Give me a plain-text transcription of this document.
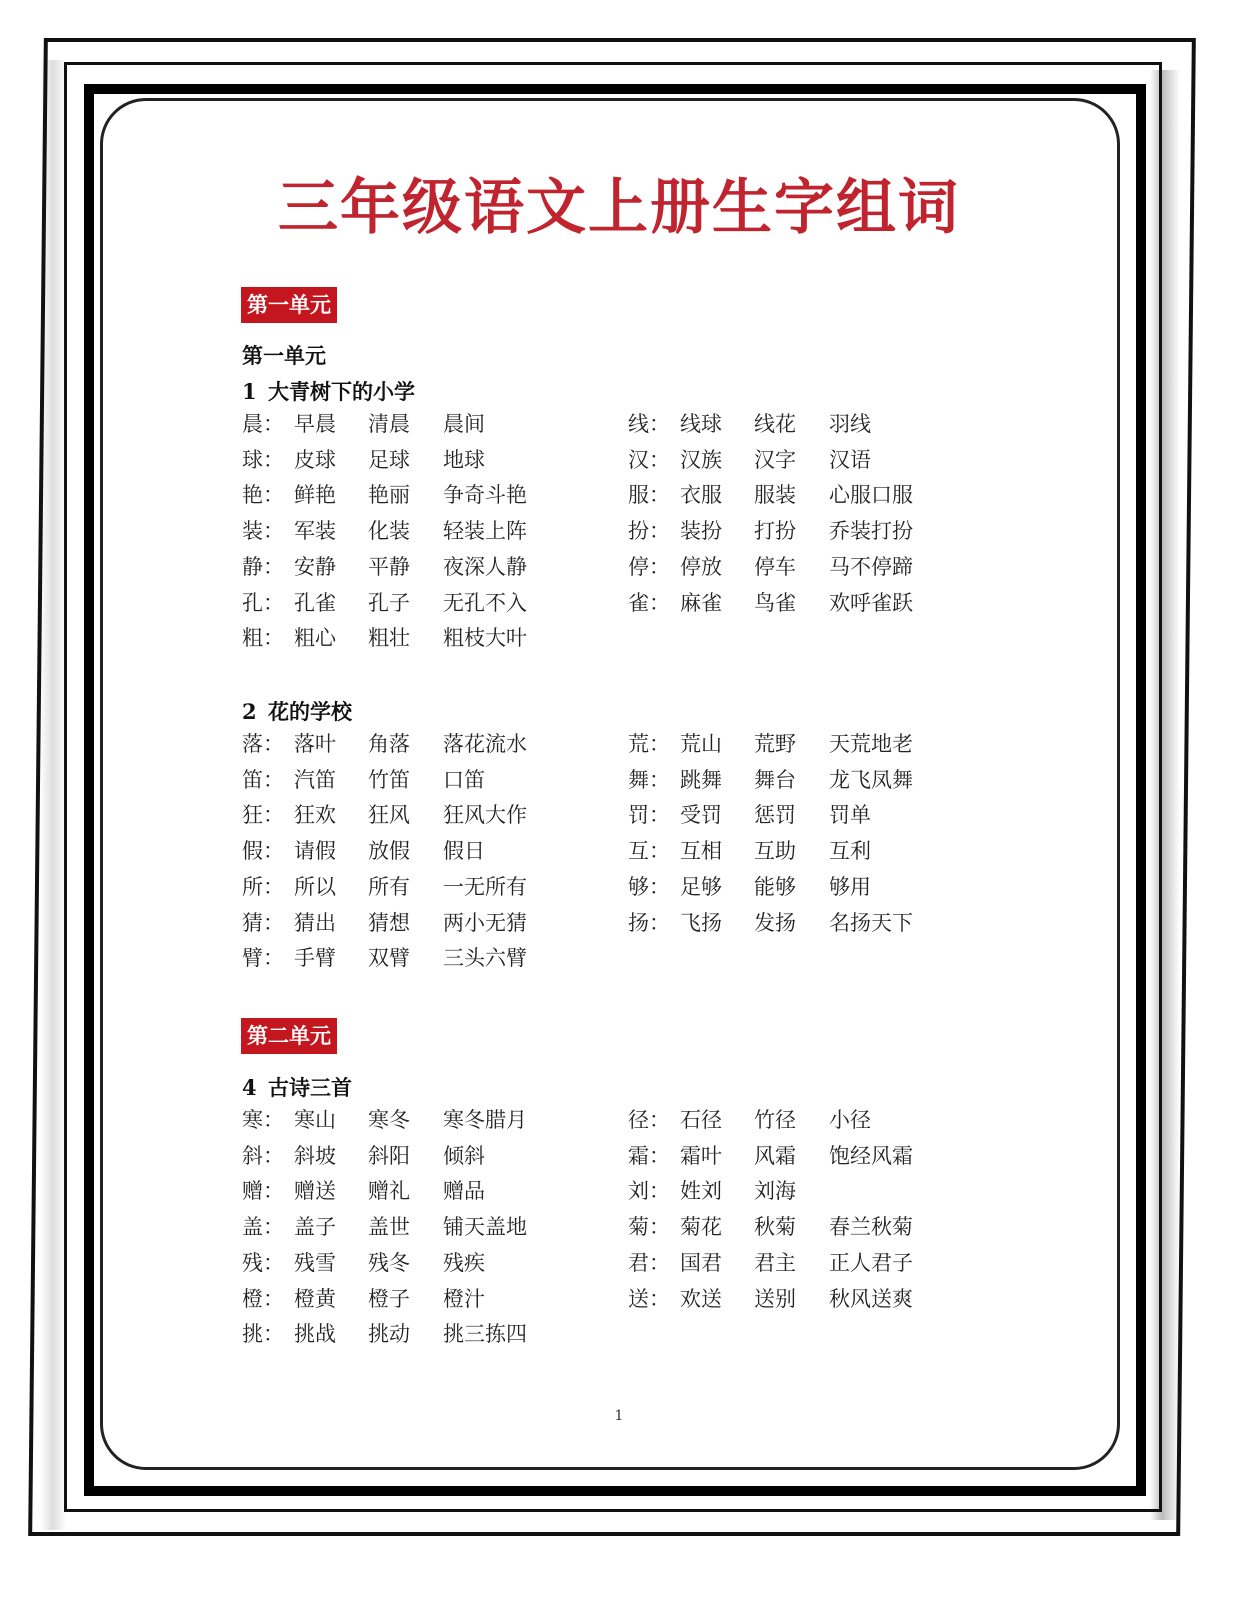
三年级语文上册生字组词
第一单元
第一单元
1 大青树下的小学
2 花的学校
第二单元
4 古诗三首
1
晨： 早晨 清晨 晨间
球： 皮球 足球 地球
艳： 鲜艳 艳丽 争奇斗艳
装： 军装 化装 轻装上阵
静： 安静 平静 夜深人静
孔： 孔雀 孔子 无孔不入
粗： 粗心 粗壮 粗枝大叶
线： 线球 线花 羽线
汉： 汉族 汉字 汉语
服： 衣服 服装 心服口服
扮： 装扮 打扮 乔装打扮
停： 停放 停车 马不停蹄
雀： 麻雀 鸟雀 欢呼雀跃
落： 落叶 角落 落花流水
笛： 汽笛 竹笛 口笛
狂： 狂欢 狂风 狂风大作
假： 请假 放假 假日
所： 所以 所有 一无所有
猜： 猜出 猜想 两小无猜
臂： 手臂 双臂 三头六臂
荒： 荒山 荒野 天荒地老
舞： 跳舞 舞台 龙飞凤舞
罚： 受罚 惩罚 罚单
互： 互相 互助 互利
够： 足够 能够 够用
扬： 飞扬 发扬 名扬天下
寒： 寒山 寒冬 寒冬腊月
斜： 斜坡 斜阳 倾斜
赠： 赠送 赠礼 赠品
盖： 盖子 盖世 铺天盖地
残： 残雪 残冬 残疾
橙： 橙黄 橙子 橙汁
挑： 挑战 挑动 挑三拣四
径： 石径 竹径 小径
霜： 霜叶 风霜 饱经风霜
刘： 姓刘 刘海
菊： 菊花 秋菊 春兰秋菊
君： 国君 君主 正人君子
送： 欢送 送别 秋风送爽
